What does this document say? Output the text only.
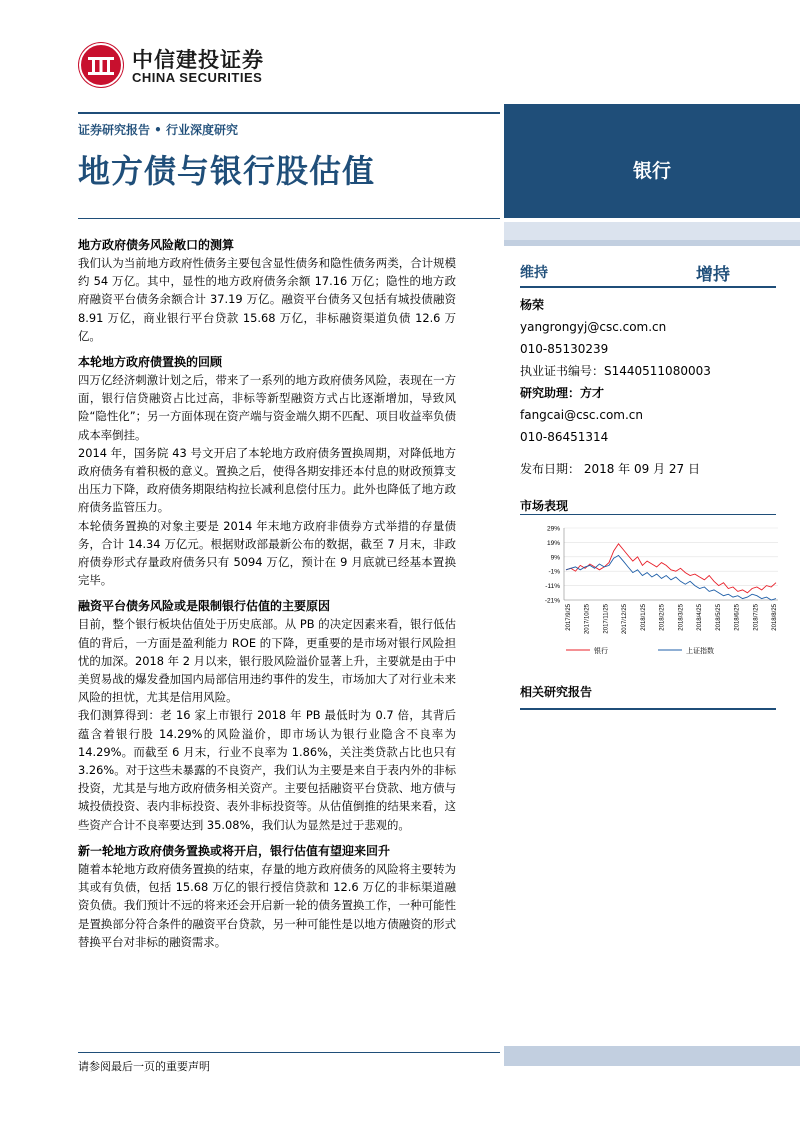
中信建投证券
CHINA SECURITIES
证券研究报告 • 行业深度研究
地方债与银行股估值	银行
维持	增持
杨荣
yangrongyj@csc.com.cn
010-85130239
执业证书编号：S1440511080003
研究助理：方才
fangcai@csc.com.cn
010-86451314
发布日期： 2018 年 09 月 27 日
市场表现
29%
19%
9%
-1%
-11%
-21%
2017/9/25 2017/10/25 2017/11/25 2017/12/25 2018/1/25 2018/2/25 2018/3/25 2018/4/25 2018/5/25 2018/6/25 2018/7/25 2018/8/25
银行	上证指数
相关研究报告
地方政府债务风险敞口的测算

我们认为当前地方政府性债务主要包含显性债务和隐性债务两类，合计规模约 54 万亿。其中，显性的地方政府债务余额 17.16 万亿；隐性的地方政府融资平台债务余额合计 37.19 万亿。融资平台债务又包括有城投债融资 8.91 万亿，商业银行平台贷款 15.68 万亿，非标融资渠道负债 12.6 万亿。

本轮地方政府债置换的回顾

四万亿经济刺激计划之后，带来了一系列的地方政府债务风险，表现在一方面，银行信贷融资占比过高，非标等新型融资方式占比逐渐增加，导致风险“隐性化”；另一方面体现在资产端与资金端久期不匹配、项目收益率负债成本率倒挂。

2014 年，国务院 43 号文开启了本轮地方政府债务置换周期，对降低地方政府债务有着积极的意义。置换之后，使得各期安排还本付息的财政预算支出压力下降，政府债务期限结构拉长减利息偿付压力。此外也降低了地方政府债务监管压力。

本轮债务置换的对象主要是 2014 年末地方政府非债券方式举措的存量债务，合计 14.34 万亿元。根据财政部最新公布的数据，截至 7 月末，非政府债券形式存量政府债务只有 5094 万亿，预计在 9 月底就已经基本置换完毕。

融资平台债务风险或是限制银行估值的主要原因

目前，整个银行板块估值处于历史底部。从 PB 的决定因素来看，银行低估值的背后，一方面是盈利能力 ROE 的下降，更重要的是市场对银行风险担忧的加深。2018 年 2 月以来，银行股风险溢价显著上升，主要就是由于中美贸易战的爆发叠加国内局部信用违约事件的发生，市场加大了对行业未来风险的担忧，尤其是信用风险。

我们测算得到：老 16 家上市银行 2018 年 PB 最低时为 0.7 倍，其背后蕴含着银行股 14.29%的风险溢价，即市场认为银行业隐含不良率为 14.29%。而截至 6 月末，行业不良率为 1.86%，关注类贷款占比也只有 3.26%。对于这些未暴露的不良资产，我们认为主要是来自于表内外的非标投资，尤其是与地方政府债务相关资产。主要包括融资平台贷款、地方债与城投债投资、表内非标投资、表外非标投资等。从估值倒推的结果来看，这些资产合计不良率要达到 35.08%，我们认为显然是过于悲观的。

新一轮地方政府债务置换或将开启，银行估值有望迎来回升

随着本轮地方政府债务置换的结束，存量的地方政府债务的风险将主要转为其或有负债，包括 15.68 万亿的银行授信贷款和 12.6 万亿的非标渠道融资负债。我们预计不远的将来还会开启新一轮的债务置换工作，一种可能性是置换部分符合条件的融资平台贷款，另一种可能性是以地方债融资的形式替换平台对非标的融资需求。

请参阅最后一页的重要声明
